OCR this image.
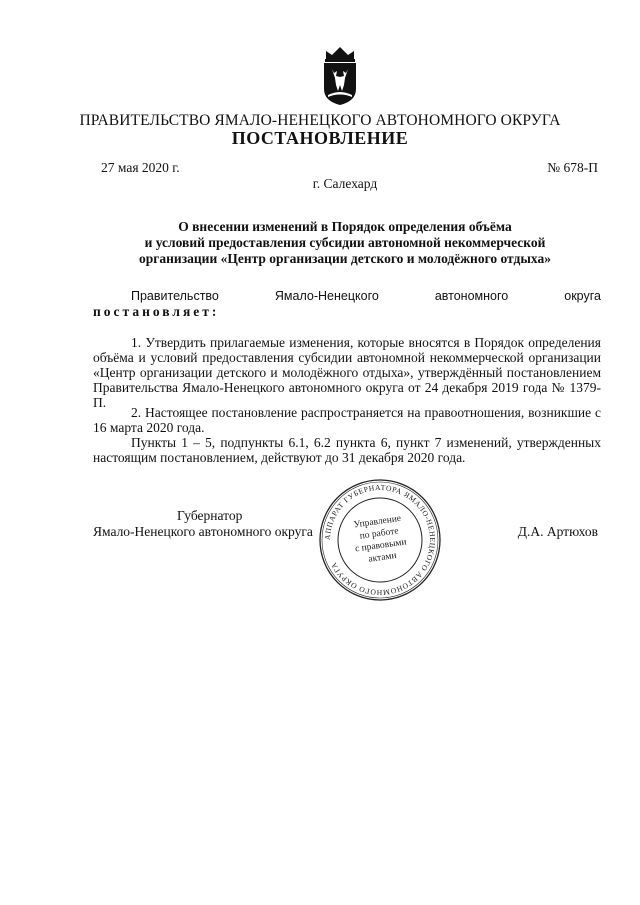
ПРАВИТЕЛЬСТВО ЯМАЛО-НЕНЕЦКОГО АВТОНОМНОГО ОКРУГА
ПОСТАНОВЛЕНИЕ
27 мая 2020 г.	№ 678-П
г. Салехард
О внесении изменений в Порядок определения объёма
и условий предоставления субсидии автономной некоммерческой
организации «Центр организации детского и молодёжного отдыха»
Правительство	Ямало-Ненецкого	автономного	округа
постановляет:

1. Утвердить прилагаемые изменения, которые вносятся в Порядок определения объёма и условий предоставления субсидии автономной некоммерческой организации «Центр организации детского и молодёжного отдыха», утверждённый постановлением Правительства Ямало-Ненецкого автономного округа от 24 декабря 2019 года № 1379-П.

2. Настоящее постановление распространяется на правоотношения, возникшие с 16 марта 2020 года.

Пункты 1 – 5, подпункты 6.1, 6.2 пункта 6, пункт 7 изменений, утвержденных настоящим постановлением, действуют до 31 декабря 2020 года.

Губернатор
Ямало-Ненецкого автономного округа	Д.А. Артюхов
АППАРАТ ГУБЕРНАТОРА ЯМАЛО-НЕНЕЦКОГО АВТОНОМНОГО ОКРУГА
Управление
по работе
с правовыми
актами
